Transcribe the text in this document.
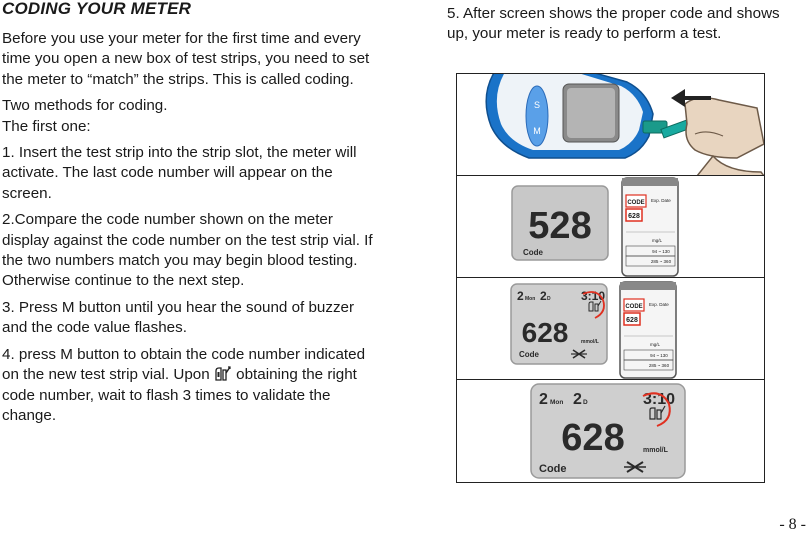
CODING YOUR METER

Before you use your meter for the first time and every time you open a new box of test strips, you need to set the meter to “match” the strips. This is called coding.

Two methods for coding.
The first one:

1. Insert the test strip into the strip slot, the meter will activate. The last code number will appear on the screen.

2.Compare the code number shown on the meter display against the code number on the test strip vial. If the two numbers match you may begin blood testing. Otherwise continue to the next step.

3. Press M button until you hear the sound of buzzer and the code value flashes.

4. press M button to obtain the code number indicated on the new test strip vial. Upon obtaining the right code number, wait to flash 3 times to validate the change.

5. After screen shows the proper code and shows up, your meter is ready to perform a test.

S
M
528
Code
CODE Exp. Date
628
mg/L
94 ~ 130
285 ~ 360
2 Mon 2 D	3:10
628
Code
mmol/L
CODE Exp. Date
628
mg/L
94 ~ 130
285 ~ 360
2 Mon 2 D	3:10
628
Code
mmol/L
- 8 -
